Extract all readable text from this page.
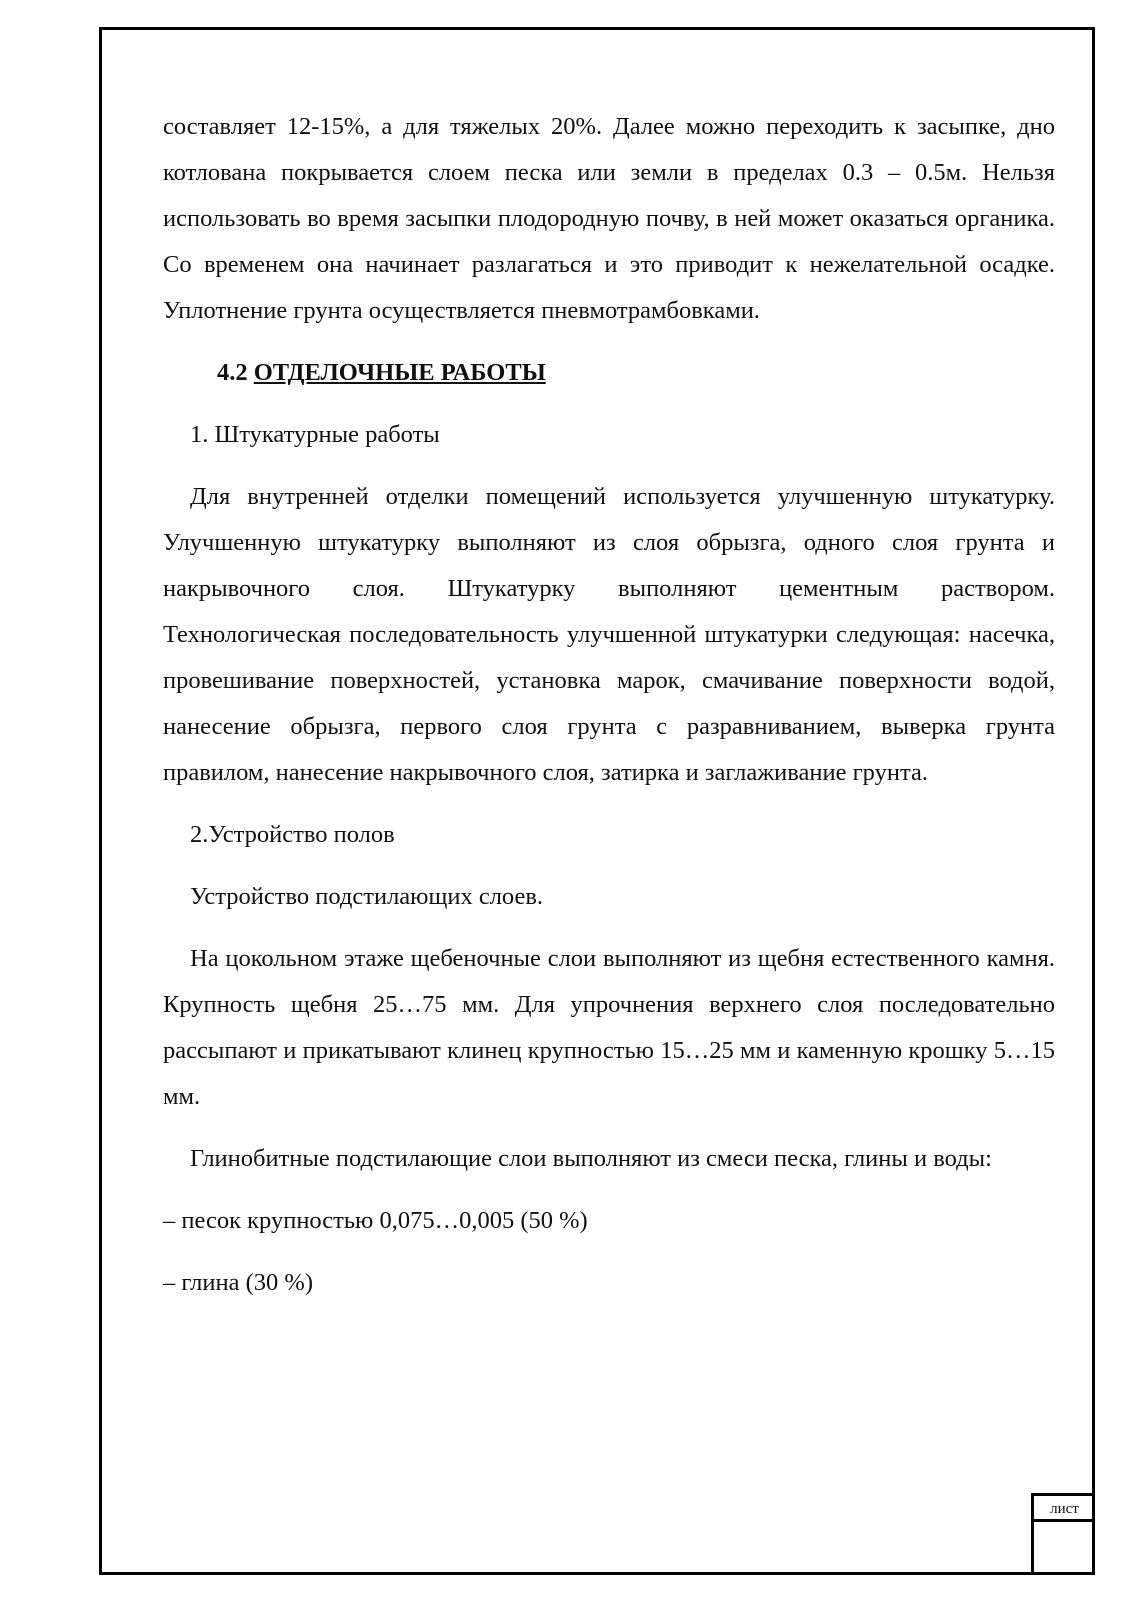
составляет 12-15%, а для тяжелых 20%. Далее можно переходить к засыпке, дно котлована покрывается слоем песка или земли в пределах 0.3 – 0.5м. Нельзя использовать во время засыпки плодородную почву, в ней может оказаться органика. Со временем она начинает разлагаться и это приводит к нежелательной осадке. Уплотнение грунта осуществляется пневмотрамбовками.

4.2 ОТДЕЛОЧНЫЕ РАБОТЫ

1. Штукатурные работы

Для внутренней отделки помещений используется улучшенную штукатурку. Улучшенную штукатурку выполняют из слоя обрызга, одного слоя грунта и накрывочного слоя. Штукатурку выполняют цементным раствором. Технологическая последовательность улучшенной штукатурки следующая: насечка, провешивание поверхностей, установка марок, смачивание поверхности водой, нанесение обрызга, первого слоя грунта с разравниванием, выверка грунта правилом, нанесение накрывочного слоя, затирка и заглаживание грунта.

2.Устройство полов

Устройство подстилающих слоев.

На цокольном этаже щебеночные слои выполняют из щебня естественного камня. Крупность щебня 25…75 мм. Для упрочнения верхнего слоя последовательно рассыпают и прикатывают клинец крупностью 15…25 мм и каменную крошку 5…15 мм.

Глинобитные подстилающие слои выполняют из смеси песка, глины и воды:

– песок крупностью 0,075…0,005 (50 %)

– глина (30 %)

лист
